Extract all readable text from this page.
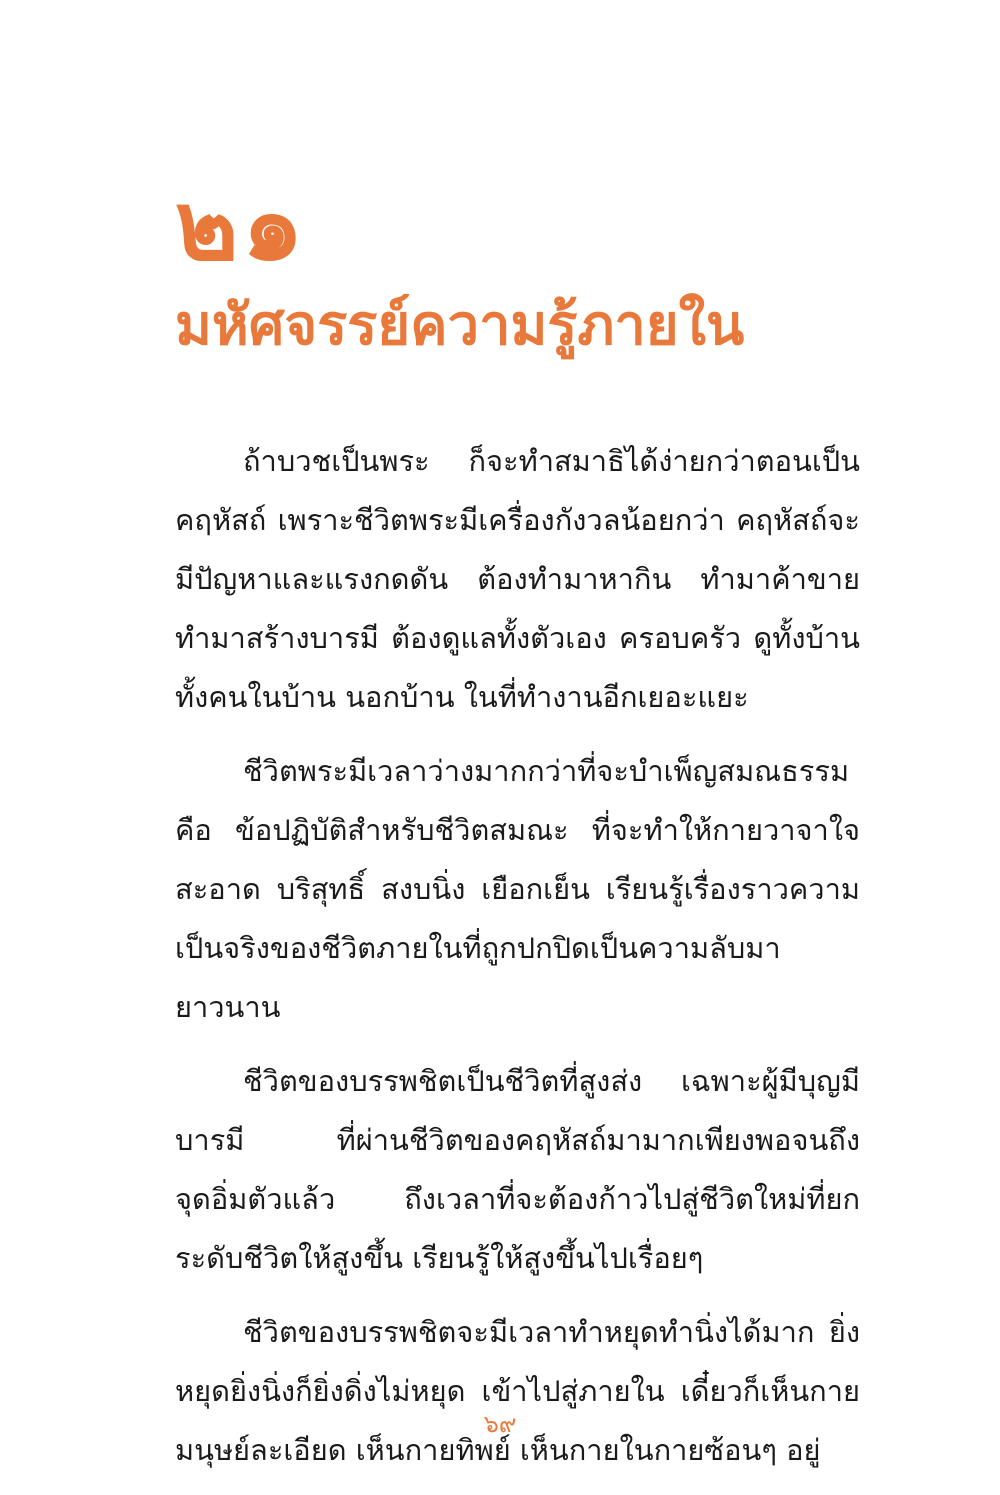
๒๑
มหัศจรรย์ความรู้ภายใน

ถ้าบวชเป็นพระ ก็จะทำสมาธิได้ง่ายกว่าตอนเป็นคฤหัสถ์ เพราะชีวิตพระมีเครื่องกังวลน้อยกว่า คฤหัสถ์จะมีปัญหาและแรงกดดัน ต้องทำมาหากิน ทำมาค้าขาย ทำมาสร้างบารมี ต้องดูแลทั้งตัวเอง ครอบครัว ดูทั้งบ้าน ทั้งคนในบ้าน นอกบ้าน ในที่ทำงานอีกเยอะแยะ

ชีวิตพระมีเวลาว่างมากกว่าที่จะบำเพ็ญสมณธรรม คือ ข้อปฏิบัติสำหรับชีวิตสมณะ ที่จะทำให้กายวาจาใจสะอาด บริสุทธิ์ สงบนิ่ง เยือกเย็น เรียนรู้เรื่องราวความเป็นจริงของชีวิตภายในที่ถูกปกปิดเป็นความลับมายาวนาน

ชีวิตของบรรพชิตเป็นชีวิตที่สูงส่ง เฉพาะผู้มีบุญมีบารมี ที่ผ่านชีวิตของคฤหัสถ์มามากเพียงพอจนถึงจุดอิ่มตัวแล้ว ถึงเวลาที่จะต้องก้าวไปสู่ชีวิตใหม่ที่ยกระดับชีวิตให้สูงขึ้น เรียนรู้ให้สูงขึ้นไปเรื่อยๆ

ชีวิตของบรรพชิตจะมีเวลาทำหยุดทำนิ่งได้มาก ยิ่งหยุดยิ่งนิ่งก็ยิ่งดิ่งไม่หยุด เข้าไปสู่ภายใน เดี๋ยวก็เห็นกายมนุษย์ละเอียด เห็นกายทิพย์ เห็นกายในกายซ้อนๆ อยู่

๖๙
